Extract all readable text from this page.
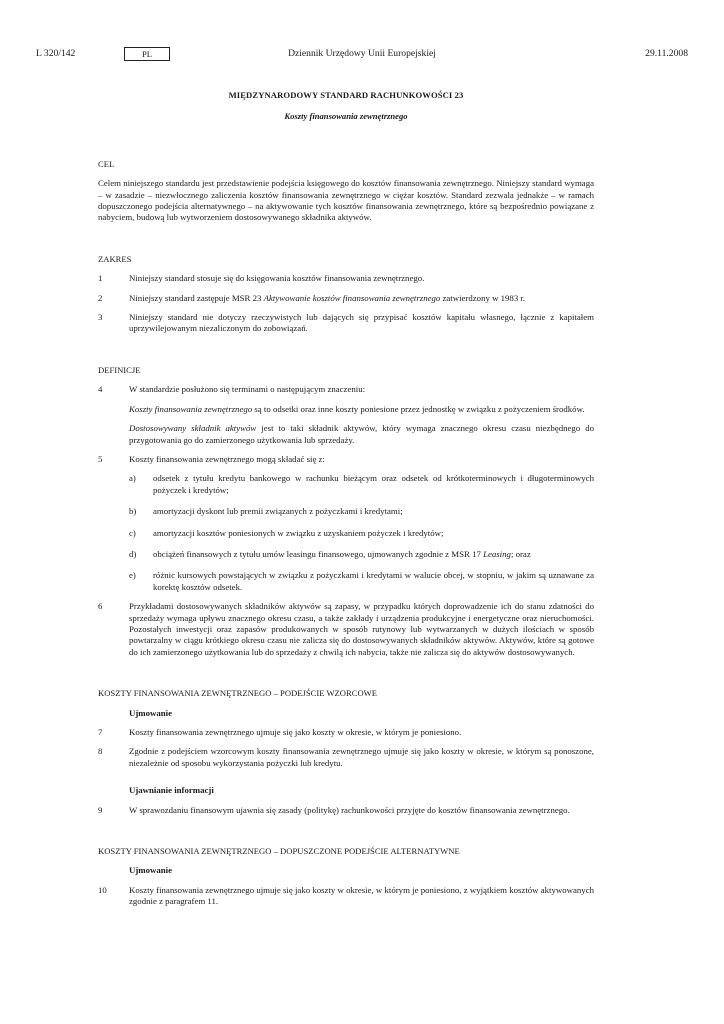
L 320/142	PL	Dziennik Urzędowy Unii Europejskiej	29.11.2008

MIĘDZYNARODOWY STANDARD RACHUNKOWOŚCI 23

Koszty finansowania zewnętrznego

CEL

Celem niniejszego standardu jest przedstawienie podejścia księgowego do kosztów finansowania zewnętrznego. Niniejszy standard wymaga – w zasadzie – niezwłocznego zaliczenia kosztów finansowania zewnętrznego w ciężar kosztów. Standard zezwala jednakże – w ramach dopuszczonego podejścia alternatywnego – na aktywowanie tych kosztów finansowania zewnętrznego, które są bezpośrednio powiązane z nabyciem, budową lub wytworzeniem dostosowywanego składnika aktywów.

ZAKRES
1	Niniejszy standard stosuje się do księgowania kosztów finansowania zewnętrznego.
2	Niniejszy standard zastępuje MSR 23 Aktywowanie kosztów finansowania zewnętrznego zatwierdzony w 1983 r.
3	Niniejszy standard nie dotyczy rzeczywistych lub dających się przypisać kosztów kapitału własnego, łącznie z kapitałem uprzywilejowanym niezaliczonym do zobowiązań.
DEFINICJE
4	W standardzie posłużono się terminami o następującym znaczeniu:

Koszty finansowania zewnętrznego są to odsetki oraz inne koszty poniesione przez jednostkę w związku z pożyczeniem środków.

Dostosowywany składnik aktywów jest to taki składnik aktywów, który wymaga znacznego okresu czasu niezbędnego do przygotowania go do zamierzonego użytkowania lub sprzedaży.

5	Koszty finansowania zewnętrznego mogą składać się z:
a) odsetek z tytułu kredytu bankowego w rachunku bieżącym oraz odsetek od krótkoterminowych i długoterminowych pożyczek i kredytów;
b) amortyzacji dyskont lub premii związanych z pożyczkami i kredytami;
c) amortyzacji kosztów poniesionych w związku z uzyskaniem pożyczek i kredytów;
d) obciążeń finansowych z tytułu umów leasingu finansowego, ujmowanych zgodnie z MSR 17 Leasing; oraz
e) różnic kursowych powstających w związku z pożyczkami i kredytami w walucie obcej, w stopniu, w jakim są uznawane za korektę kosztów odsetek.
6	Przykładami dostosowywanych składników aktywów są zapasy, w przypadku których doprowadzenie ich do stanu zdatności do sprzedaży wymaga upływu znacznego okresu czasu, a także zakłady i urządzenia produkcyjne i energetyczne oraz nieruchomości. Pozostałych inwestycji oraz zapasów produkowanych w sposób rutynowy lub wytwarzanych w dużych ilościach w sposób powtarzalny w ciągu krótkiego okresu czasu nie zalicza się do dostosowywanych składników aktywów. Aktywów, które są gotowe do ich zamierzonego użytkowania lub do sprzedaży z chwilą ich nabycia, także nie zalicza się do aktywów dostosowywanych.
KOSZTY FINANSOWANIA ZEWNĘTRZNEGO – PODEJŚCIE WZORCOWE
Ujmowanie
7	Koszty finansowania zewnętrznego ujmuje się jako koszty w okresie, w którym je poniesiono.
8	Zgodnie z podejściem wzorcowym koszty finansowania zewnętrznego ujmuje się jako koszty w okresie, w którym są ponoszone, niezależnie od sposobu wykorzystania pożyczki lub kredytu.
Ujawnianie informacji
9	W sprawozdaniu finansowym ujawnia się zasady (politykę) rachunkowości przyjęte do kosztów finansowania zewnętrznego.
KOSZTY FINANSOWANIA ZEWNĘTRZNEGO – DOPUSZCZONE PODEJŚCIE ALTERNATYWNE
Ujmowanie
10	Koszty finansowania zewnętrznego ujmuje się jako koszty w okresie, w którym je poniesiono, z wyjątkiem kosztów aktywowanych zgodnie z paragrafem 11.
